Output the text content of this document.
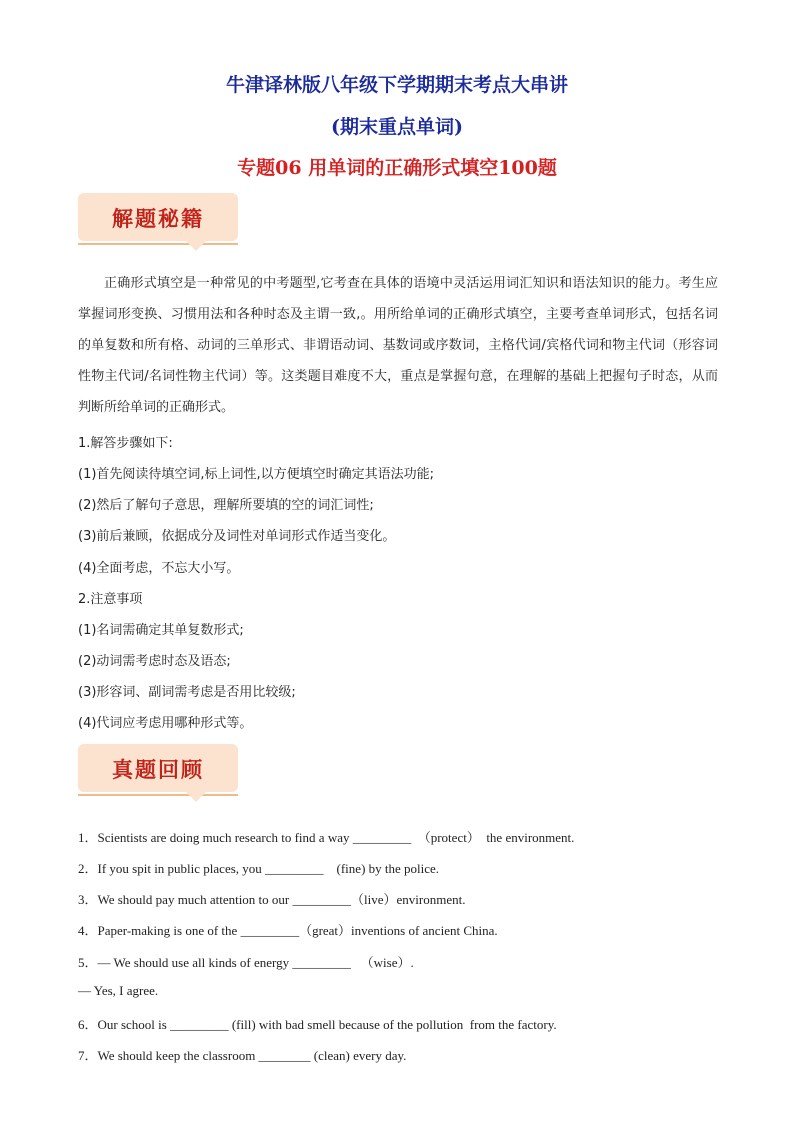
牛津译林版八年级下学期期末考点大串讲
(期末重点单词)
专题06 用单词的正确形式填空100题
解题秘籍
正确形式填空是一种常见的中考题型,它考查在具体的语境中灵活运用词汇知识和语法知识的能力。考生应掌握词形变换、习惯用法和各种时态及主谓一致,。用所给单词的正确形式填空，主要考查单词形式，包括名词的单复数和所有格、动词的三单形式、非谓语动词、基数词或序数词，主格代词/宾格代词和物主代词（形容词性物主代词/名词性物主代词）等。这类题目难度不大，重点是掌握句意，在理解的基础上把握句子时态，从而判断所给单词的正确形式。
1.解答步骤如下:
(1)首先阅读待填空词,标上词性,以方便填空时确定其语法功能;
(2)然后了解句子意思，理解所要填的空的词汇词性;
(3)前后兼顾，依据成分及词性对单词形式作适当变化。
(4)全面考虑，不忘大小写。
2.注意事项
(1)名词需确定其单复数形式;
(2)动词需考虑时态及语态;
(3)形容词、副词需考虑是否用比较级;
(4)代词应考虑用哪种形式等。
真题回顾
1．Scientists are doing much research to find a way _________  （protect）  the environment.
2．If you spit in public places, you _________    (fine) by the police.
3．We should pay much attention to our _________（live）environment.
4．Paper-making is one of the _________（great）inventions of ancient China.
5．— We should use all kinds of energy _________   （wise）.
— Yes, I agree.
6．Our school is _________ (fill) with bad smell because of the pollution  from the factory.
7．We should keep the classroom ________ (clean) every day.
